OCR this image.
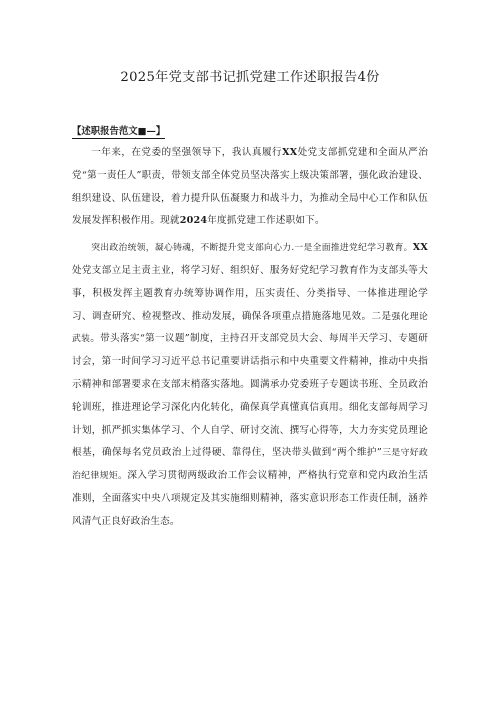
2025年党支部书记抓党建工作述职报告4份
【述职报告范文■—】

一年来，在党委的坚强领导下，我认真履行XX处党支部抓党建和全面从严治党“第一责任人”职责，带领支部全体党员坚决落实上级决策部署，强化政治建设、组织建设、队伍建设，着力提升队伍凝聚力和战斗力，为推动全局中心工作和队伍发展发挥积极作用。现就2024年度抓党建工作述职如下。

突出政治统领，凝心铸魂，不断提升党支部向心力.一是全面推进党纪学习教育。XX处党支部立足主责主业，将学习好、组织好、服务好党纪学习教育作为支部头等大事，积极发挥主题教育办统筹协调作用，压实责任、分类指导、一体推进理论学习、调查研究、检视整改、推动发展，确保各项重点措施落地见效。二是强化理论武装。带头落实“第一议题”制度，主持召开支部党员大会、每周半天学习、专题研讨会，第一时间学习习近平总书记重要讲话指示和中央重要文件精神，推动中央指示精神和部署要求在支部末梢落实落地。圆满承办党委班子专题读书班、全员政治轮训班，推进理论学习深化内化转化，确保真学真懂真信真用。细化支部每周学习计划，抓严抓实集体学习、个人自学、研讨交流、撰写心得等，大力夯实党员理论根基，确保每名党员政治上过得硬、靠得住，坚决带头做到“两个维护”三是守好政治纪律规矩。深入学习贯彻两级政治工作会议精神，严格执行党章和党内政治生活准则，全面落实中央八项规定及其实施细则精神，落实意识形态工作责任制，涵养风清气正良好政治生态。
